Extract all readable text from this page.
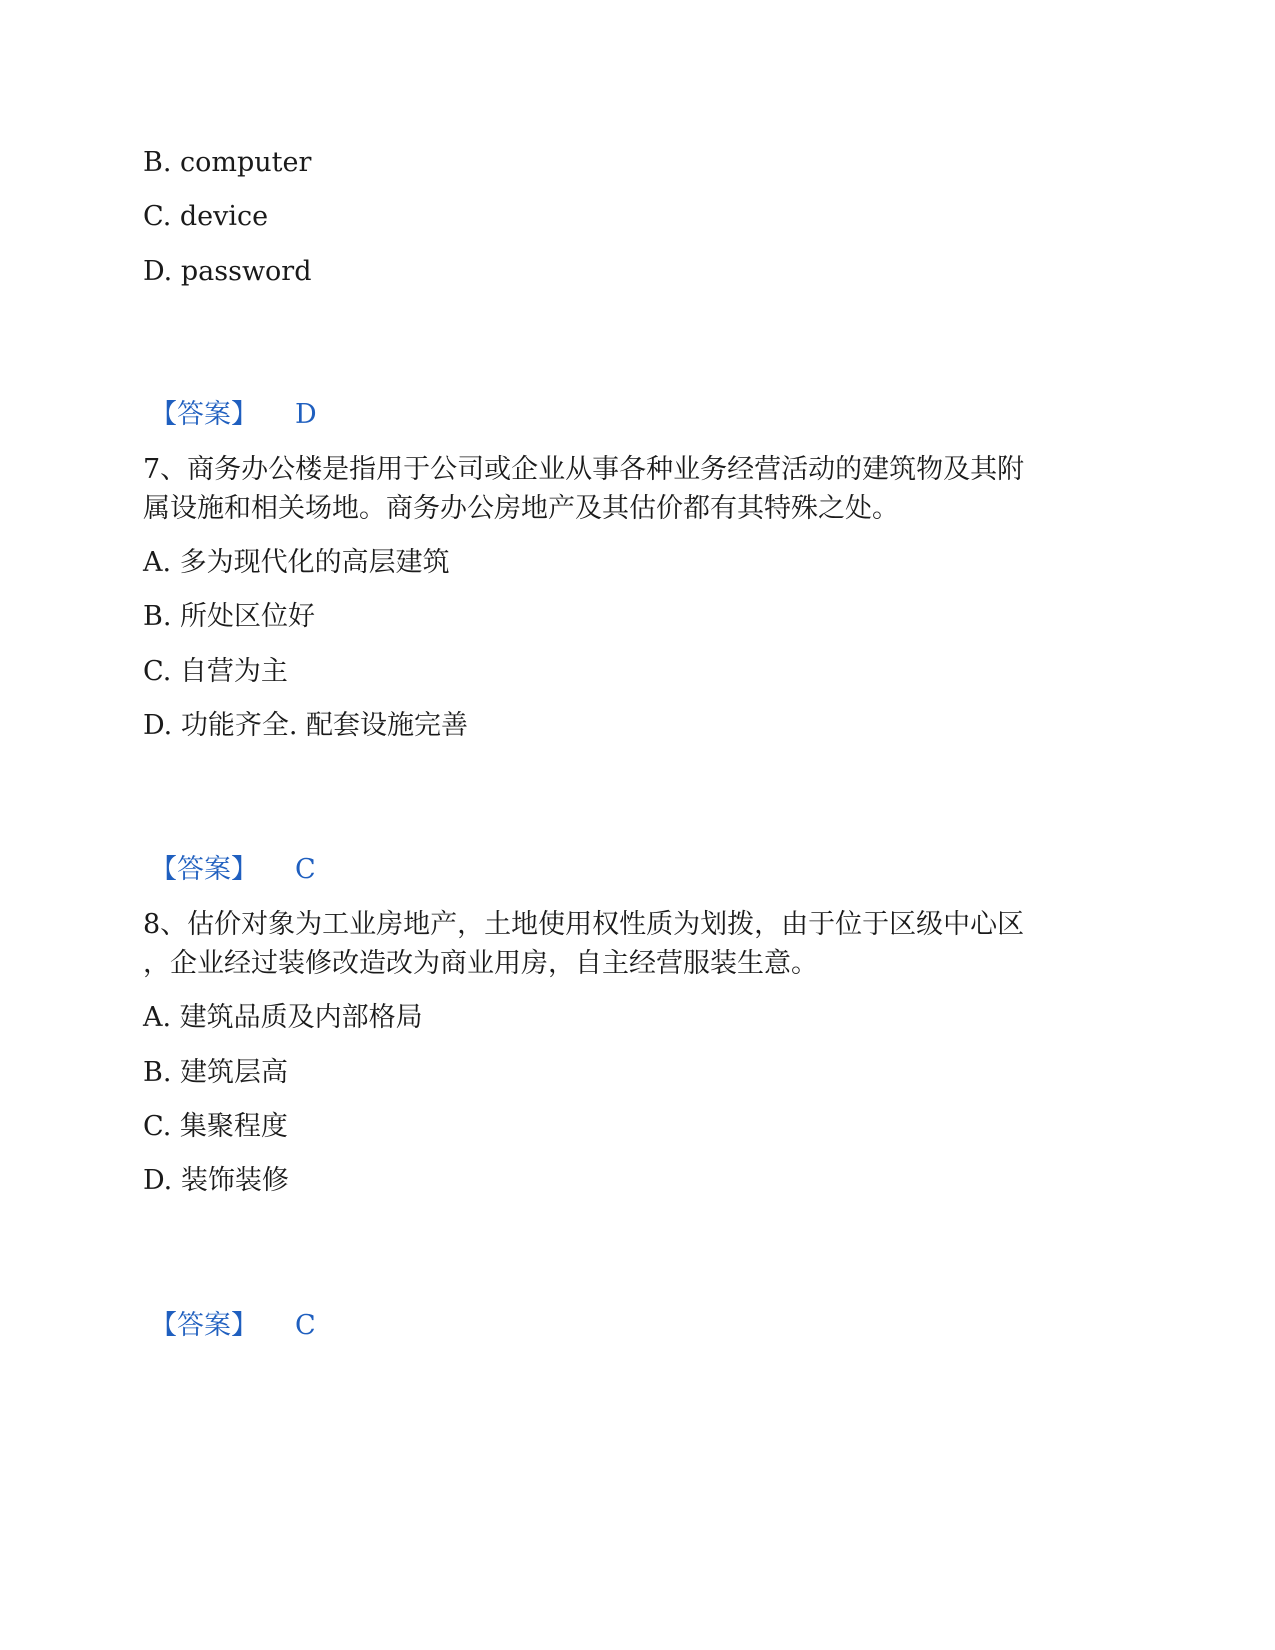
B. computer
C. device
D. password
【答案】 D
7、商务办公楼是指用于公司或企业从事各种业务经营活动的建筑物及其附
属设施和相关场地。商务办公房地产及其估价都有其特殊之处。
A. 多为现代化的高层建筑
B. 所处区位好
C. 自营为主
D. 功能齐全. 配套设施完善
【答案】 C
8、估价对象为工业房地产，土地使用权性质为划拨，由于位于区级中心区
，企业经过装修改造改为商业用房，自主经营服装生意。
A. 建筑品质及内部格局
B. 建筑层高
C. 集聚程度
D. 装饰装修
【答案】 C
